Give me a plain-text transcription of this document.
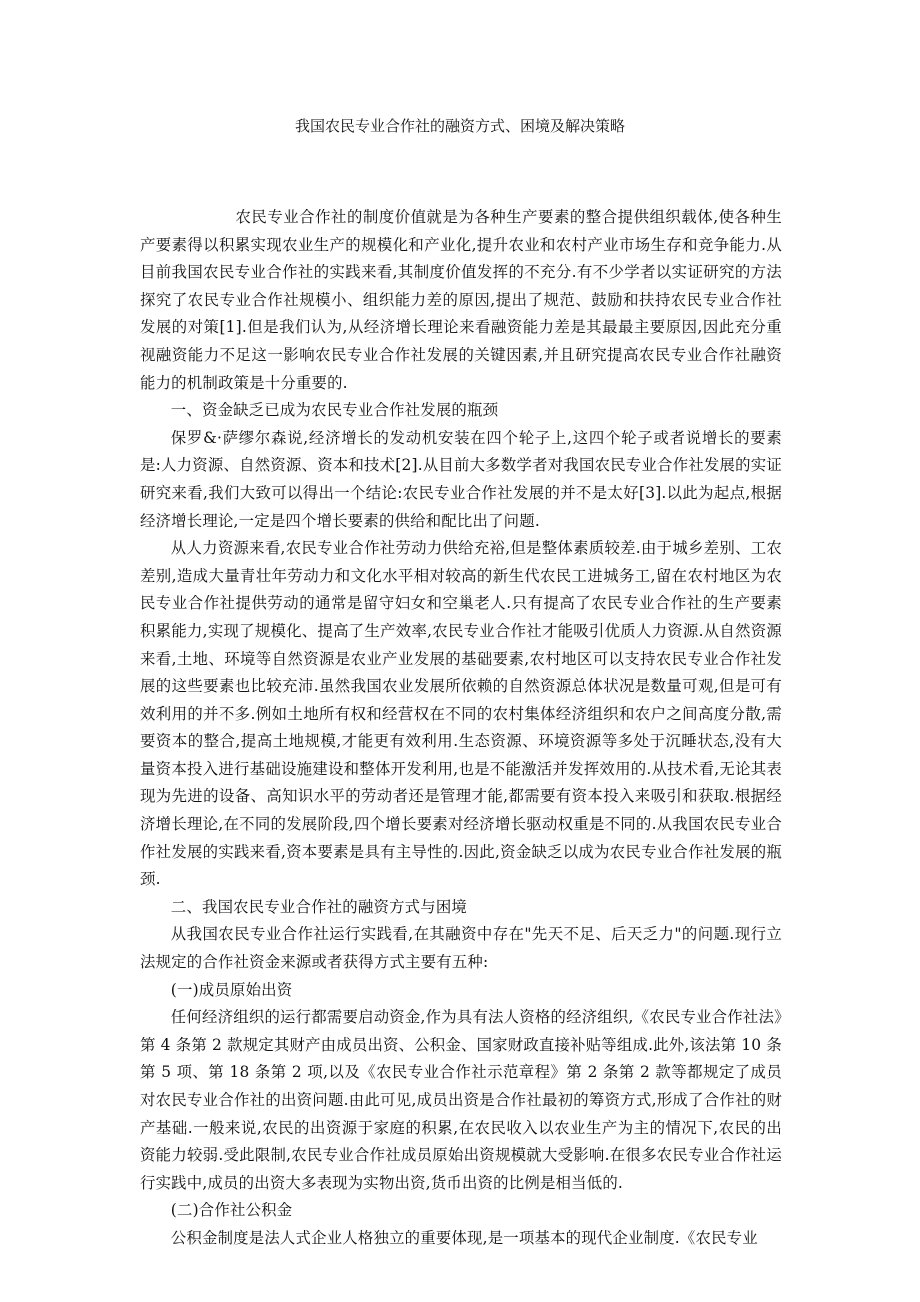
我国农民专业合作社的融资方式、困境及解决策略

农民专业合作社的制度价值就是为各种生产要素的整合提供组织载体,使各种生产要素得以积累实现农业生产的规模化和产业化,提升农业和农村产业市场生存和竞争能力.从目前我国农民专业合作社的实践来看,其制度价值发挥的不充分.有不少学者以实证研究的方法探究了农民专业合作社规模小、组织能力差的原因,提出了规范、鼓励和扶持农民专业合作社发展的对策[1].但是我们认为,从经济增长理论来看融资能力差是其最最主要原因,因此充分重视融资能力不足这一影响农民专业合作社发展的关键因素,并且研究提高农民专业合作社融资能力的机制政策是十分重要的.

一、资金缺乏已成为农民专业合作社发展的瓶颈

保罗&·萨缪尔森说,经济增长的发动机安装在四个轮子上,这四个轮子或者说增长的要素是:人力资源、自然资源、资本和技术[2].从目前大多数学者对我国农民专业合作社发展的实证研究来看,我们大致可以得出一个结论:农民专业合作社发展的并不是太好[3].以此为起点,根据经济增长理论,一定是四个增长要素的供给和配比出了问题.

从人力资源来看,农民专业合作社劳动力供给充裕,但是整体素质较差.由于城乡差别、工农差别,造成大量青壮年劳动力和文化水平相对较高的新生代农民工进城务工,留在农村地区为农民专业合作社提供劳动的通常是留守妇女和空巢老人.只有提高了农民专业合作社的生产要素积累能力,实现了规模化、提高了生产效率,农民专业合作社才能吸引优质人力资源.从自然资源来看,土地、环境等自然资源是农业产业发展的基础要素,农村地区可以支持农民专业合作社发展的这些要素也比较充沛.虽然我国农业发展所依赖的自然资源总体状况是数量可观,但是可有效利用的并不多.例如土地所有权和经营权在不同的农村集体经济组织和农户之间高度分散,需要资本的整合,提高土地规模,才能更有效利用.生态资源、环境资源等多处于沉睡状态,没有大量资本投入进行基础设施建设和整体开发利用,也是不能激活并发挥效用的.从技术看,无论其表现为先进的设备、高知识水平的劳动者还是管理才能,都需要有资本投入来吸引和获取.根据经济增长理论,在不同的发展阶段,四个增长要素对经济增长驱动权重是不同的.从我国农民专业合作社发展的实践来看,资本要素是具有主导性的.因此,资金缺乏以成为农民专业合作社发展的瓶颈.

二、我国农民专业合作社的融资方式与困境

从我国农民专业合作社运行实践看,在其融资中存在"先天不足、后天乏力"的问题.现行立法规定的合作社资金来源或者获得方式主要有五种:

(一)成员原始出资

任何经济组织的运行都需要启动资金,作为具有法人资格的经济组织,《农民专业合作社法》第 4 条第 2 款规定其财产由成员出资、公积金、国家财政直接补贴等组成.此外,该法第 10 条第 5 项、第 18 条第 2 项,以及《农民专业合作社示范章程》第 2 条第 2 款等都规定了成员对农民专业合作社的出资问题.由此可见,成员出资是合作社最初的筹资方式,形成了合作社的财产基础.一般来说,农民的出资源于家庭的积累,在农民收入以农业生产为主的情况下,农民的出资能力较弱.受此限制,农民专业合作社成员原始出资规模就大受影响.在很多农民专业合作社运行实践中,成员的出资大多表现为实物出资,货币出资的比例是相当低的.

(二)合作社公积金

公积金制度是法人式企业人格独立的重要体现,是一项基本的现代企业制度.《农民专业
